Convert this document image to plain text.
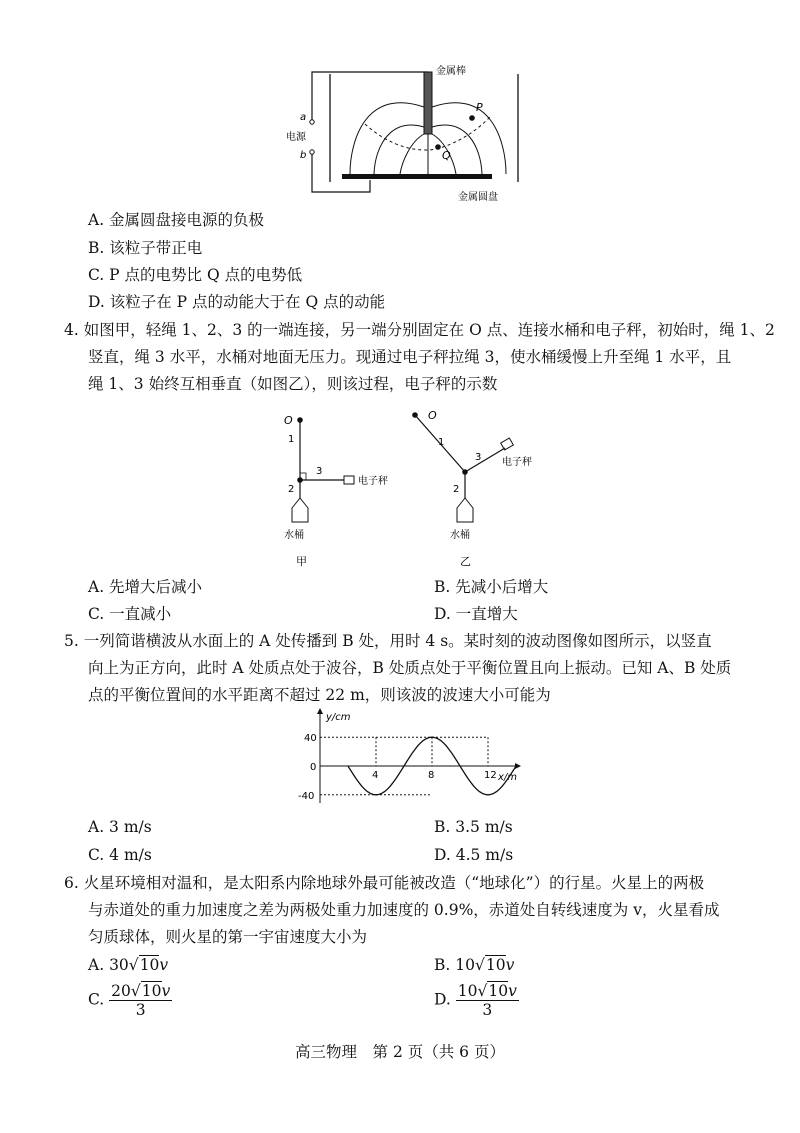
P
Q
金属棒
金属圆盘
电源
a
b
A. 金属圆盘接电源的负极
B. 该粒子带正电
C. P 点的电势比 Q 点的电势低
D. 该粒子在 P 点的动能大于在 Q 点的动能
4. 如图甲，轻绳 1、2、3 的一端连接，另一端分别固定在 O 点、连接水桶和电子秤，初始时，绳 1、2
竖直，绳 3 水平，水桶对地面无压力。现通过电子秤拉绳 3，使水桶缓慢上升至绳 1 水平，且
绳 1、3 始终互相垂直（如图乙），则该过程，电子秤的示数
O
1
3
电子秤
2
水桶
甲
O
1
3 电子秤
2
水桶
乙
A. 先增大后减小	B. 先减小后增大
C. 一直减小	D. 一直增大
5. 一列简谐横波从水面上的 A 处传播到 B 处，用时 4 s。某时刻的波动图像如图所示，以竖直
向上为正方向，此时 A 处质点处于波谷，B 处质点处于平衡位置且向上振动。已知 A、B 处质
点的平衡位置间的水平距离不超过 22 m，则该波的波速大小可能为
y/cm
x/m
4	8	12
40
0
-40
A. 3 m/s	B. 3.5 m/s
C. 4 m/s	D. 4.5 m/s
6. 火星环境相对温和，是太阳系内除地球外最可能被改造（“地球化”）的行星。火星上的两极
与赤道处的重力加速度之差为两极处重力加速度的 0.9%，赤道处自转线速度为 v，火星看成
匀质球体，则火星的第一宇宙速度大小为
A. 30√10v	B. 10√10v
C. $\frac{20√10v}{3}$	D. $\frac{10√10v}{3}$
高三物理　第 2 页（共 6 页）
